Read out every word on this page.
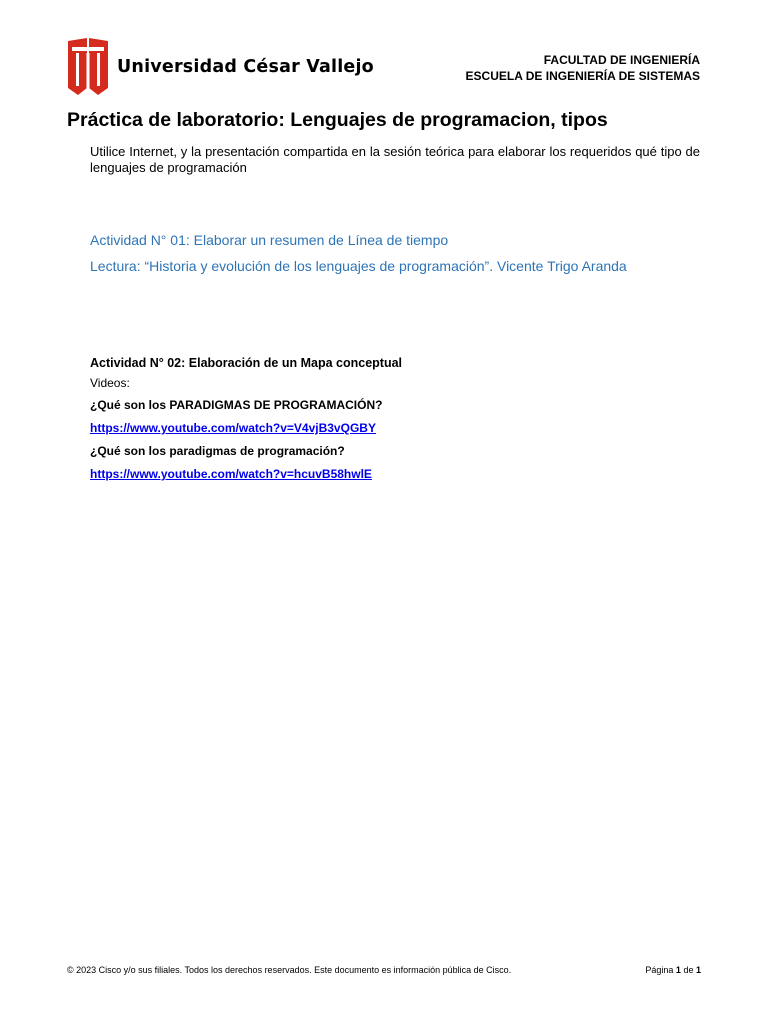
Universidad César Vallejo	FACULTAD DE INGENIERÍA
ESCUELA DE INGENIERÍA DE SISTEMAS
Práctica de laboratorio: Lenguajes de programacion, tipos

Utilice Internet, y la presentación compartida en la sesión teórica para elaborar los requeridos qué tipo de lenguajes de programación

Actividad N° 01: Elaborar un resumen de Línea de tiempo

Lectura: “Historia y evolución de los lenguajes de programación”. Vicente Trigo Aranda

Actividad N° 02: Elaboración de un Mapa conceptual

Videos:

¿Qué son los PARADIGMAS DE PROGRAMACIÓN?

https://www.youtube.com/watch?v=V4vjB3vQGBY

¿Qué son los paradigmas de programación?

https://www.youtube.com/watch?v=hcuvB58hwlE

© 2023 Cisco y/o sus filiales. Todos los derechos reservados. Este documento es información pública de Cisco.	Página 1 de 1
